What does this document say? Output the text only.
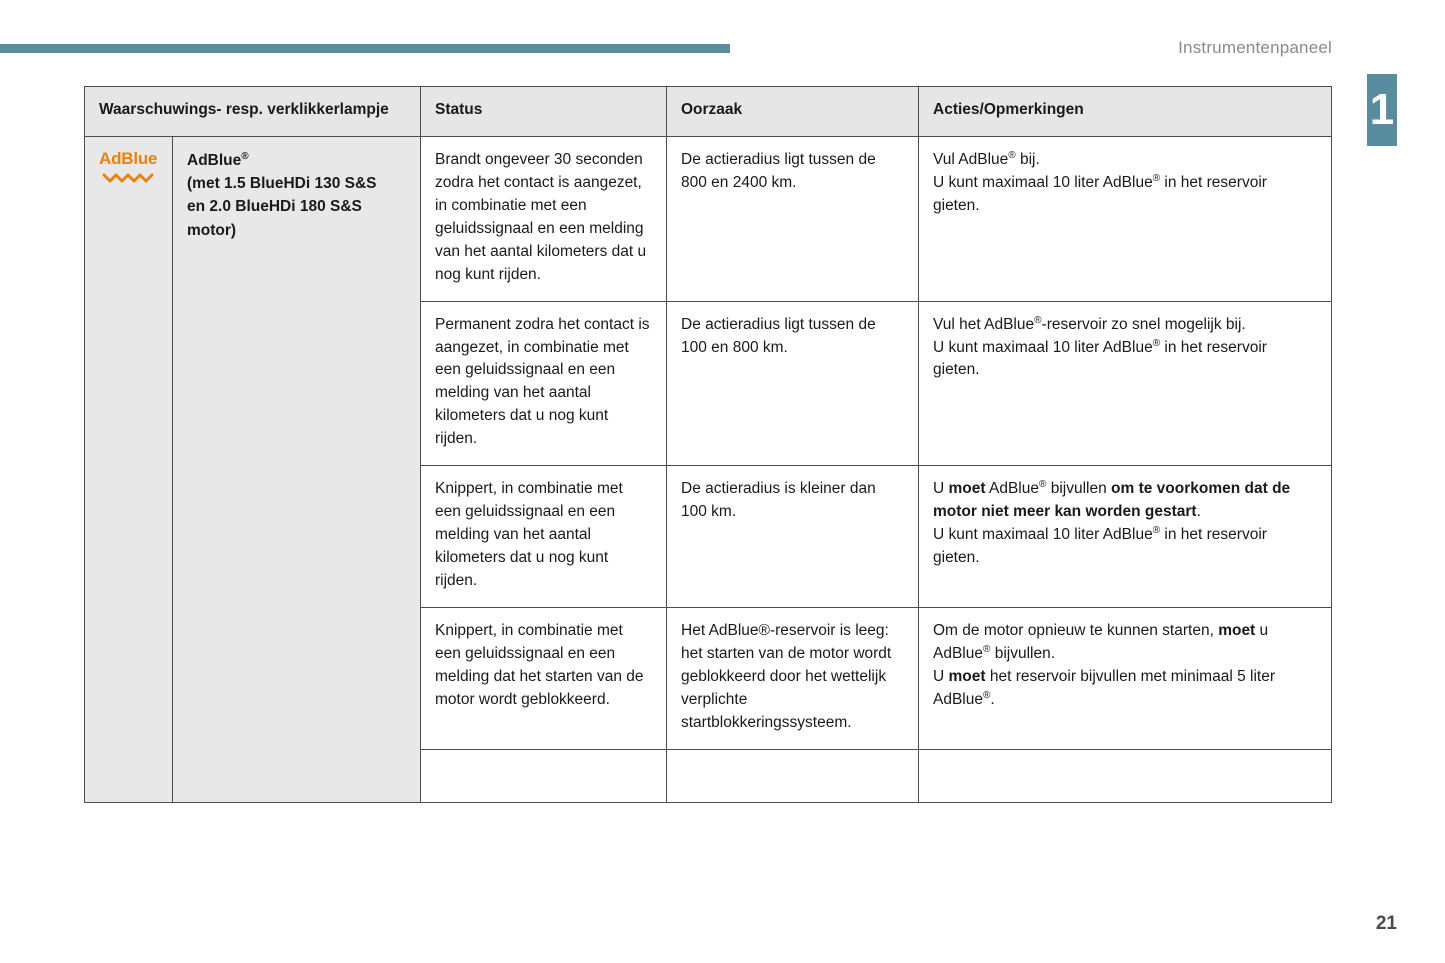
Instrumentenpaneel
1
21
Waarschuwings- resp. verklikkerlampje		Status	Oorzaak	Acties/Opmerkingen

AdBlue	AdBlue®
(met 1.5 BlueHDi 130 S&S
en 2.0 BlueHDi 180 S&S
motor)	Brandt ongeveer 30 seconden zodra het contact is aangezet, in combinatie met een geluidssignaal en een melding van het aantal kilometers dat u nog kunt rijden.	De actieradius ligt tussen de 800 en 2400 km.	Vul AdBlue® bij.
U kunt maximaal 10 liter AdBlue® in het reservoir gieten.
		Permanent zodra het contact is aangezet, in combinatie met een geluidssignaal en een melding van het aantal kilometers dat u nog kunt rijden.	De actieradius ligt tussen de 100 en 800 km.	Vul het AdBlue®-reservoir zo snel mogelijk bij.
U kunt maximaal 10 liter AdBlue® in het reservoir gieten.
		Knippert, in combinatie met een geluidssignaal en een melding van het aantal kilometers dat u nog kunt rijden.	De actieradius is kleiner dan 100 km.	U moet AdBlue® bijvullen om te voorkomen dat de motor niet meer kan worden gestart.
U kunt maximaal 10 liter AdBlue® in het reservoir gieten.
		Knippert, in combinatie met een geluidssignaal en een melding dat het starten van de motor wordt geblokkeerd.	Het AdBlue®-reservoir is leeg: het starten van de motor wordt geblokkeerd door het wettelijk verplichte startblokkeringssysteem.	Om de motor opnieuw te kunnen starten, moet u AdBlue® bijvullen.
U moet het reservoir bijvullen met minimaal 5 liter AdBlue®.
